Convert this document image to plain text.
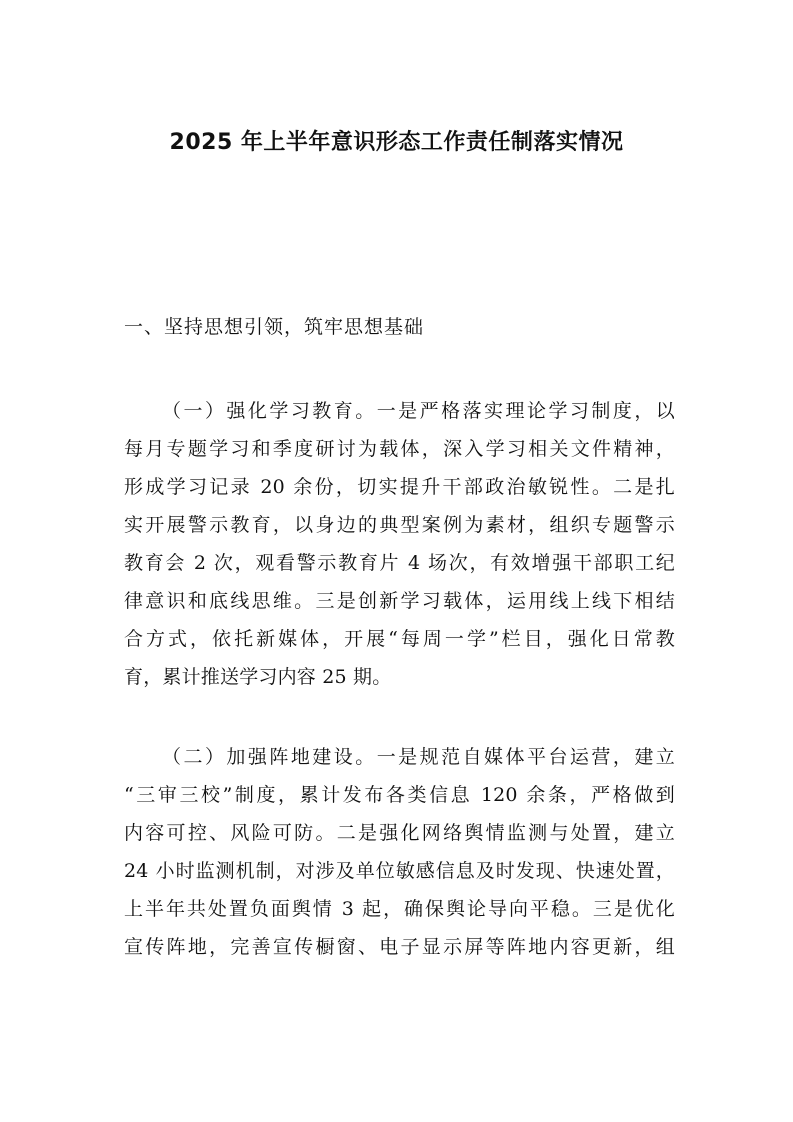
2025 年上半年意识形态工作责任制落实情况
一、坚持思想引领，筑牢思想基础
（一）强化学习教育。一是严格落实理论学习制度，以
每月专题学习和季度研讨为载体，深入学习相关文件精神，
形成学习记录 20 余份，切实提升干部政治敏锐性。二是扎
实开展警示教育，以身边的典型案例为素材，组织专题警示
教育会 2 次，观看警示教育片 4 场次，有效增强干部职工纪
律意识和底线思维。三是创新学习载体，运用线上线下相结
合方式，依托新媒体，开展“每周一学”栏目，强化日常教
育，累计推送学习内容 25 期。
（二）加强阵地建设。一是规范自媒体平台运营，建立
“三审三校”制度，累计发布各类信息 120 余条，严格做到
内容可控、风险可防。二是强化网络舆情监测与处置，建立
24 小时监测机制，对涉及单位敏感信息及时发现、快速处置，
上半年共处置负面舆情 3 起，确保舆论导向平稳。三是优化
宣传阵地，完善宣传橱窗、电子显示屏等阵地内容更新，组
